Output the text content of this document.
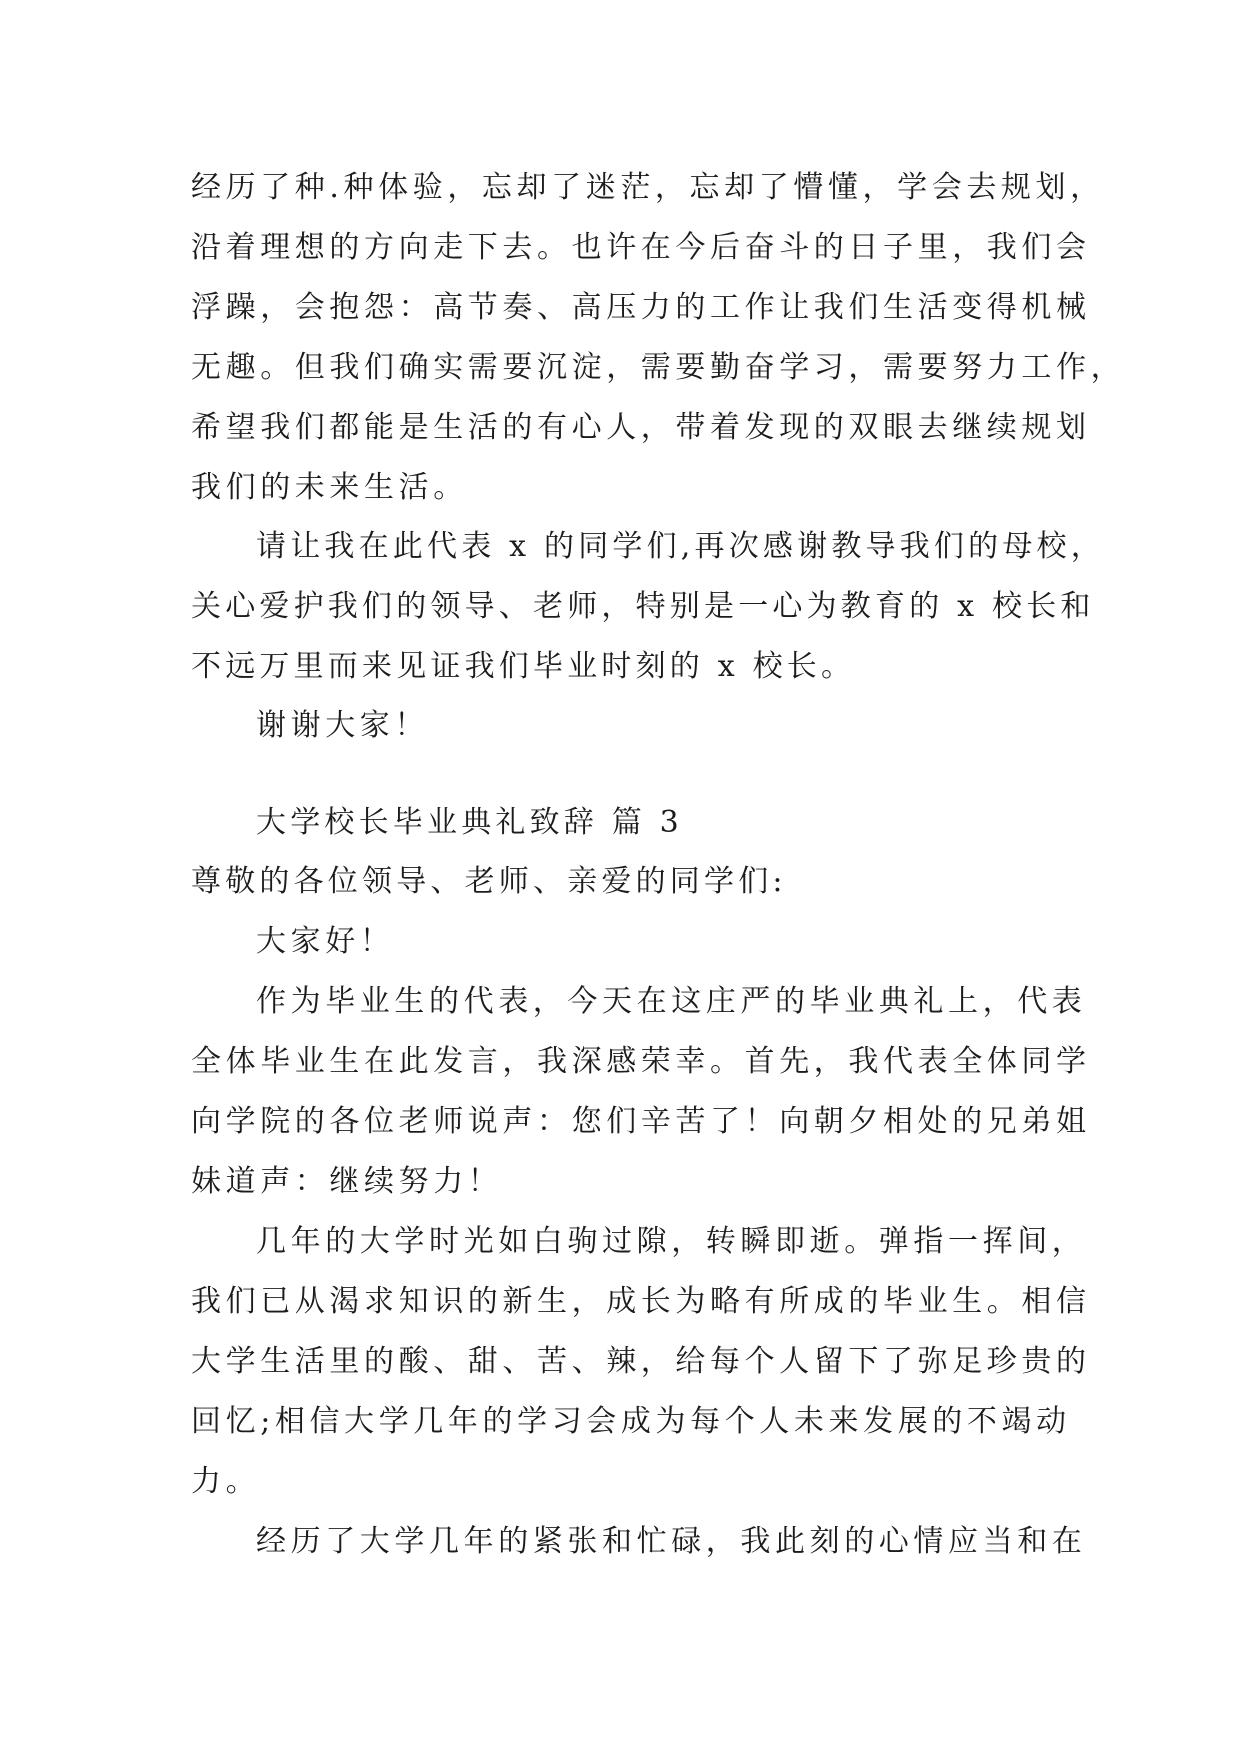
经历了种.种体验，忘却了迷茫，忘却了懵懂，学会去规划，
沿着理想的方向走下去。也许在今后奋斗的日子里，我们会
浮躁，会抱怨：高节奏、高压力的工作让我们生活变得机械
无趣。但我们确实需要沉淀，需要勤奋学习，需要努力工作，
希望我们都能是生活的有心人，带着发现的双眼去继续规划
我们的未来生活。
请让我在此代表 x 的同学们,再次感谢教导我们的母校，
关心爱护我们的领导、老师，特别是一心为教育的 x 校长和
不远万里而来见证我们毕业时刻的 x 校长。
谢谢大家！
大学校长毕业典礼致辞 篇 3
尊敬的各位领导、老师、亲爱的同学们:
大家好！
作为毕业生的代表，今天在这庄严的毕业典礼上，代表
全体毕业生在此发言，我深感荣幸。首先，我代表全体同学
向学院的各位老师说声：您们辛苦了！向朝夕相处的兄弟姐
妹道声：继续努力！
几年的大学时光如白驹过隙，转瞬即逝。弹指一挥间，
我们已从渴求知识的新生，成长为略有所成的毕业生。相信
大学生活里的酸、甜、苦、辣，给每个人留下了弥足珍贵的
回忆;相信大学几年的学习会成为每个人未来发展的不竭动
力。
经历了大学几年的紧张和忙碌，我此刻的心情应当和在
